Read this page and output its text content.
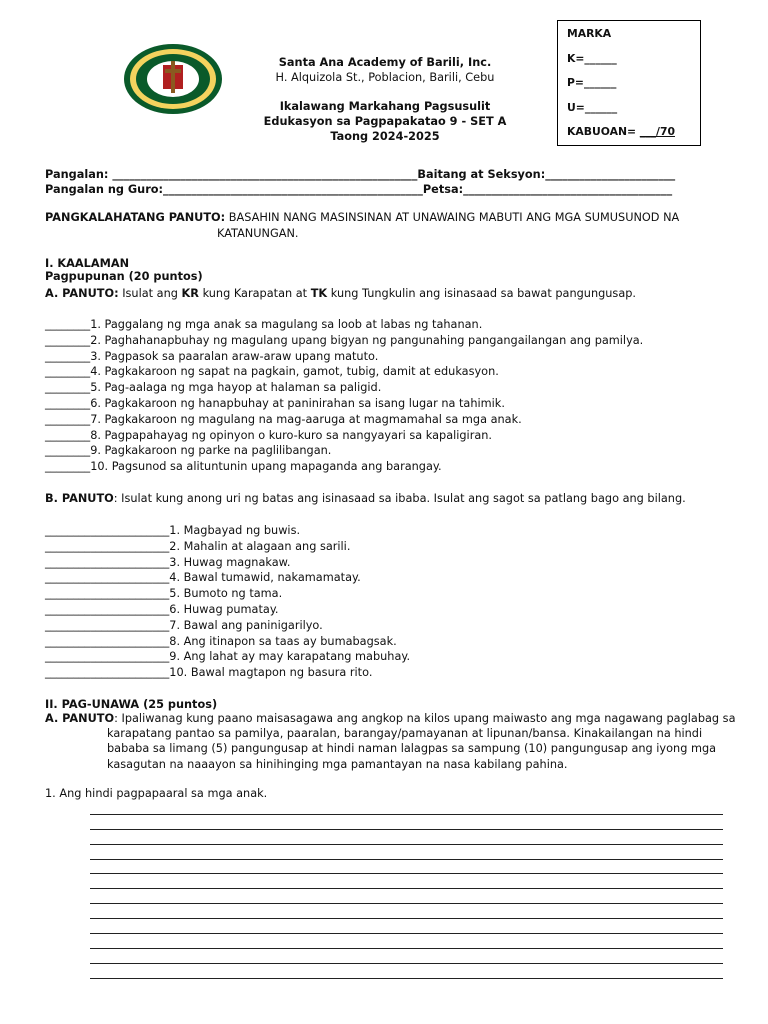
Santa Ana Academy of Barili, Inc.
H. Alquizola St., Poblacion, Barili, Cebu
Ikalawang Markahang Pagsusulit
Edukasyon sa Pagpapakatao 9 - SET A
Taong 2024-2025
MARKA
K=______
P=______
U=______
KABUOAN= ___/70
Pangalan: ______________________________________________________Baitang at Seksyon:_______________________
Pangalan ng Guro:______________________________________________Petsa:_____________________________________
PANGKALAHATANG PANUTO: BASAHIN NANG MASINSINAN AT UNAWAING MABUTI ANG MGA SUMUSUNOD NA
KATANUNGAN.
I. KAALAMAN
Pagpupunan (20 puntos)
A. PANUTO: Isulat ang KR kung Karapatan at TK kung Tungkulin ang isinasaad sa bawat pangungusap.
________1. Paggalang ng mga anak sa magulang sa loob at labas ng tahanan.
________2. Paghahanapbuhay ng magulang upang bigyan ng pangunahing pangangailangan ang pamilya.
________3. Pagpasok sa paaralan araw-araw upang matuto.
________4. Pagkakaroon ng sapat na pagkain, gamot, tubig, damit at edukasyon.
________5. Pag-aalaga ng mga hayop at halaman sa paligid.
________6. Pagkakaroon ng hanapbuhay at paninirahan sa isang lugar na tahimik.
________7. Pagkakaroon ng magulang na mag-aaruga at magmamahal sa mga anak.
________8. Pagpapahayag ng opinyon o kuro-kuro sa nangyayari sa kapaligiran.
________9. Pagkakaroon ng parke na paglilibangan.
________10. Pagsunod sa alituntunin upang mapaganda ang barangay.
B. PANUTO: Isulat kung anong uri ng batas ang isinasaad sa ibaba. Isulat ang sagot sa patlang bago ang bilang.
______________________1. Magbayad ng buwis.
______________________2. Mahalin at alagaan ang sarili.
______________________3. Huwag magnakaw.
______________________4. Bawal tumawid, nakamamatay.
______________________5. Bumoto ng tama.
______________________6. Huwag pumatay.
______________________7. Bawal ang paninigarilyo.
______________________8. Ang itinapon sa taas ay bumabagsak.
______________________9. Ang lahat ay may karapatang mabuhay.
______________________10. Bawal magtapon ng basura rito.
II. PAG-UNAWA (25 puntos)
A. PANUTO: Ipaliwanag kung paano maisasagawa ang angkop na kilos upang maiwasto ang mga nagawang paglabag sa
karapatang pantao sa pamilya, paaralan, barangay/pamayanan at lipunan/bansa. Kinakailangan na hindi
bababa sa limang (5) pangungusap at hindi naman lalagpas sa sampung (10) pangungusap ang iyong mga
kasagutan na naaayon sa hinihinging mga pamantayan na nasa kabilang pahina.
1. Ang hindi pagpapaaral sa mga anak.
